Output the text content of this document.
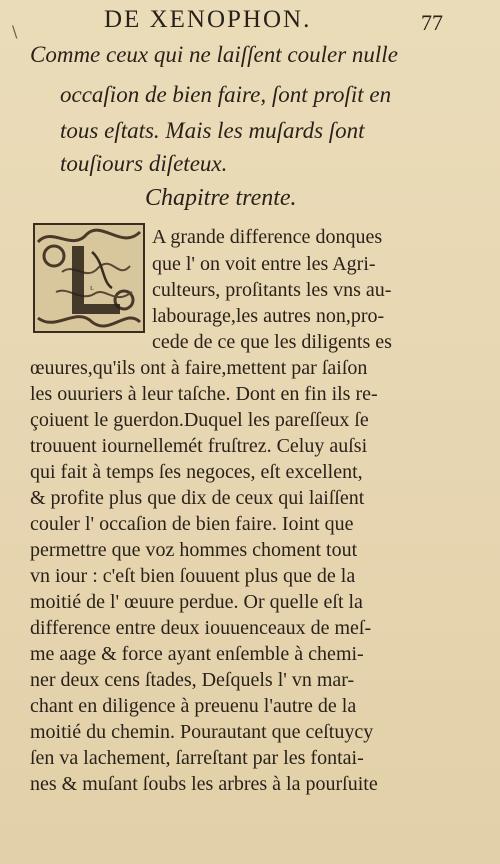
DE XENOPHON.	77
\
Comme ceux qui ne laiſſent couler nulle
occaſion de bien faire, ſont proſit en
tous eſtats. Mais les muſards ſont
touſiours diſeteux.
Chapitre trente.
L
A grande difference donques
que l' on voit entre les Agri-
culteurs, proſitants les vns au-
labourage,les autres non,pro-
cede de ce que les diligents es
œuures,qu'ils ont à faire,mettent par ſaiſon
les ouuriers à leur taſche. Dont en fin ils re-
çoiuent le guerdon.Duquel les pareſſeux ſe
trouuent iournellemét fruſtrez. Celuy auſsi
qui fait à temps ſes negoces, eſt excellent,
& profite plus que dix de ceux qui laiſſent
couler l' occaſion de bien faire. Ioint que
permettre que voz hommes choment tout
vn iour : c'eſt bien ſouuent plus que de la
moitié de l' œuure perdue. Or quelle eſt la
difference entre deux iouuenceaux de meſ-
me aage & force ayant enſemble à chemi-
ner deux cens ſtades, Deſquels l' vn mar-
chant en diligence à preuenu l'autre de la
moitié du chemin. Pourautant que ceſtuycy
ſen va lachement, ſarreſtant par les fontai-
nes & muſant ſoubs les arbres à la pourſuite
